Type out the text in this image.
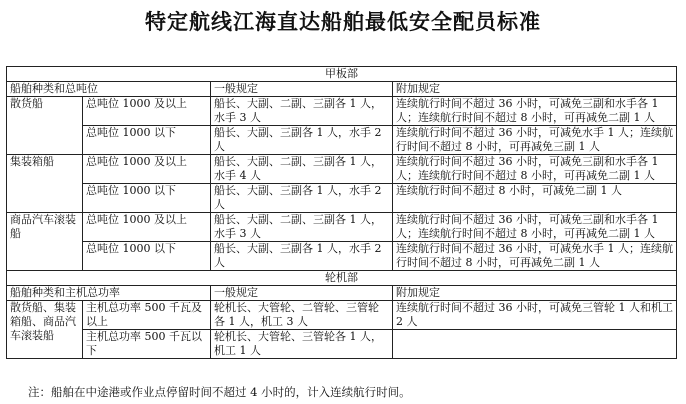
特定航线江海直达船舶最低安全配员标准
甲板部			
船舶种类和总吨位		一般规定	附加规定
散货船	总吨位 1000 及以上	船长、大副、二副、三副各 1 人，水手 3 人	连续航行时间不超过 36 小时，可减免三副和水手各 1 人；连续航行时间不超过 8 小时，可再减免二副 1 人
	总吨位 1000 以下	船长、大副、三副各 1 人，水手 2 人	连续航行时间不超过 36 小时，可减免水手 1 人；连续航行时间不超过 8 小时，可再减免三副 1 人
集装箱船	总吨位 1000 及以上	船长、大副、二副、三副各 1 人，水手 4 人	连续航行时间不超过 36 小时，可减免三副和水手各 1 人；连续航行时间不超过 8 小时，可再减免二副 1 人
	总吨位 1000 以下	船长、大副、三副各 1 人，水手 2 人	连续航行时间不超过 8 小时，可减免二副 1 人
商品汽车滚装船	总吨位 1000 及以上	船长、大副、二副、三副各 1 人，水手 3 人	连续航行时间不超过 36 小时，可减免三副和水手各 1 人；连续航行时间不超过 8 小时，可再减免二副 1 人
	总吨位 1000 以下	船长、大副、三副各 1 人，水手 2 人	连续航行时间不超过 36 小时，可减免水手 1 人；连续航行时间不超过 8 小时，可再减免二副 1 人
轮机部			
船舶种类和主机总功率		一般规定	附加规定
散货船、集装箱船、商品汽车滚装船	主机总功率 500 千瓦及以上	轮机长、大管轮、二管轮、三管轮各 1 人，机工 3 人	连续航行时间不超过 36 小时，可减免三管轮 1 人和机工 2 人
	主机总功率 500 千瓦以下	轮机长、大管轮、三管轮各 1 人，机工 1 人	
注：船舶在中途港或作业点停留时间不超过 4 小时的，计入连续航行时间。
